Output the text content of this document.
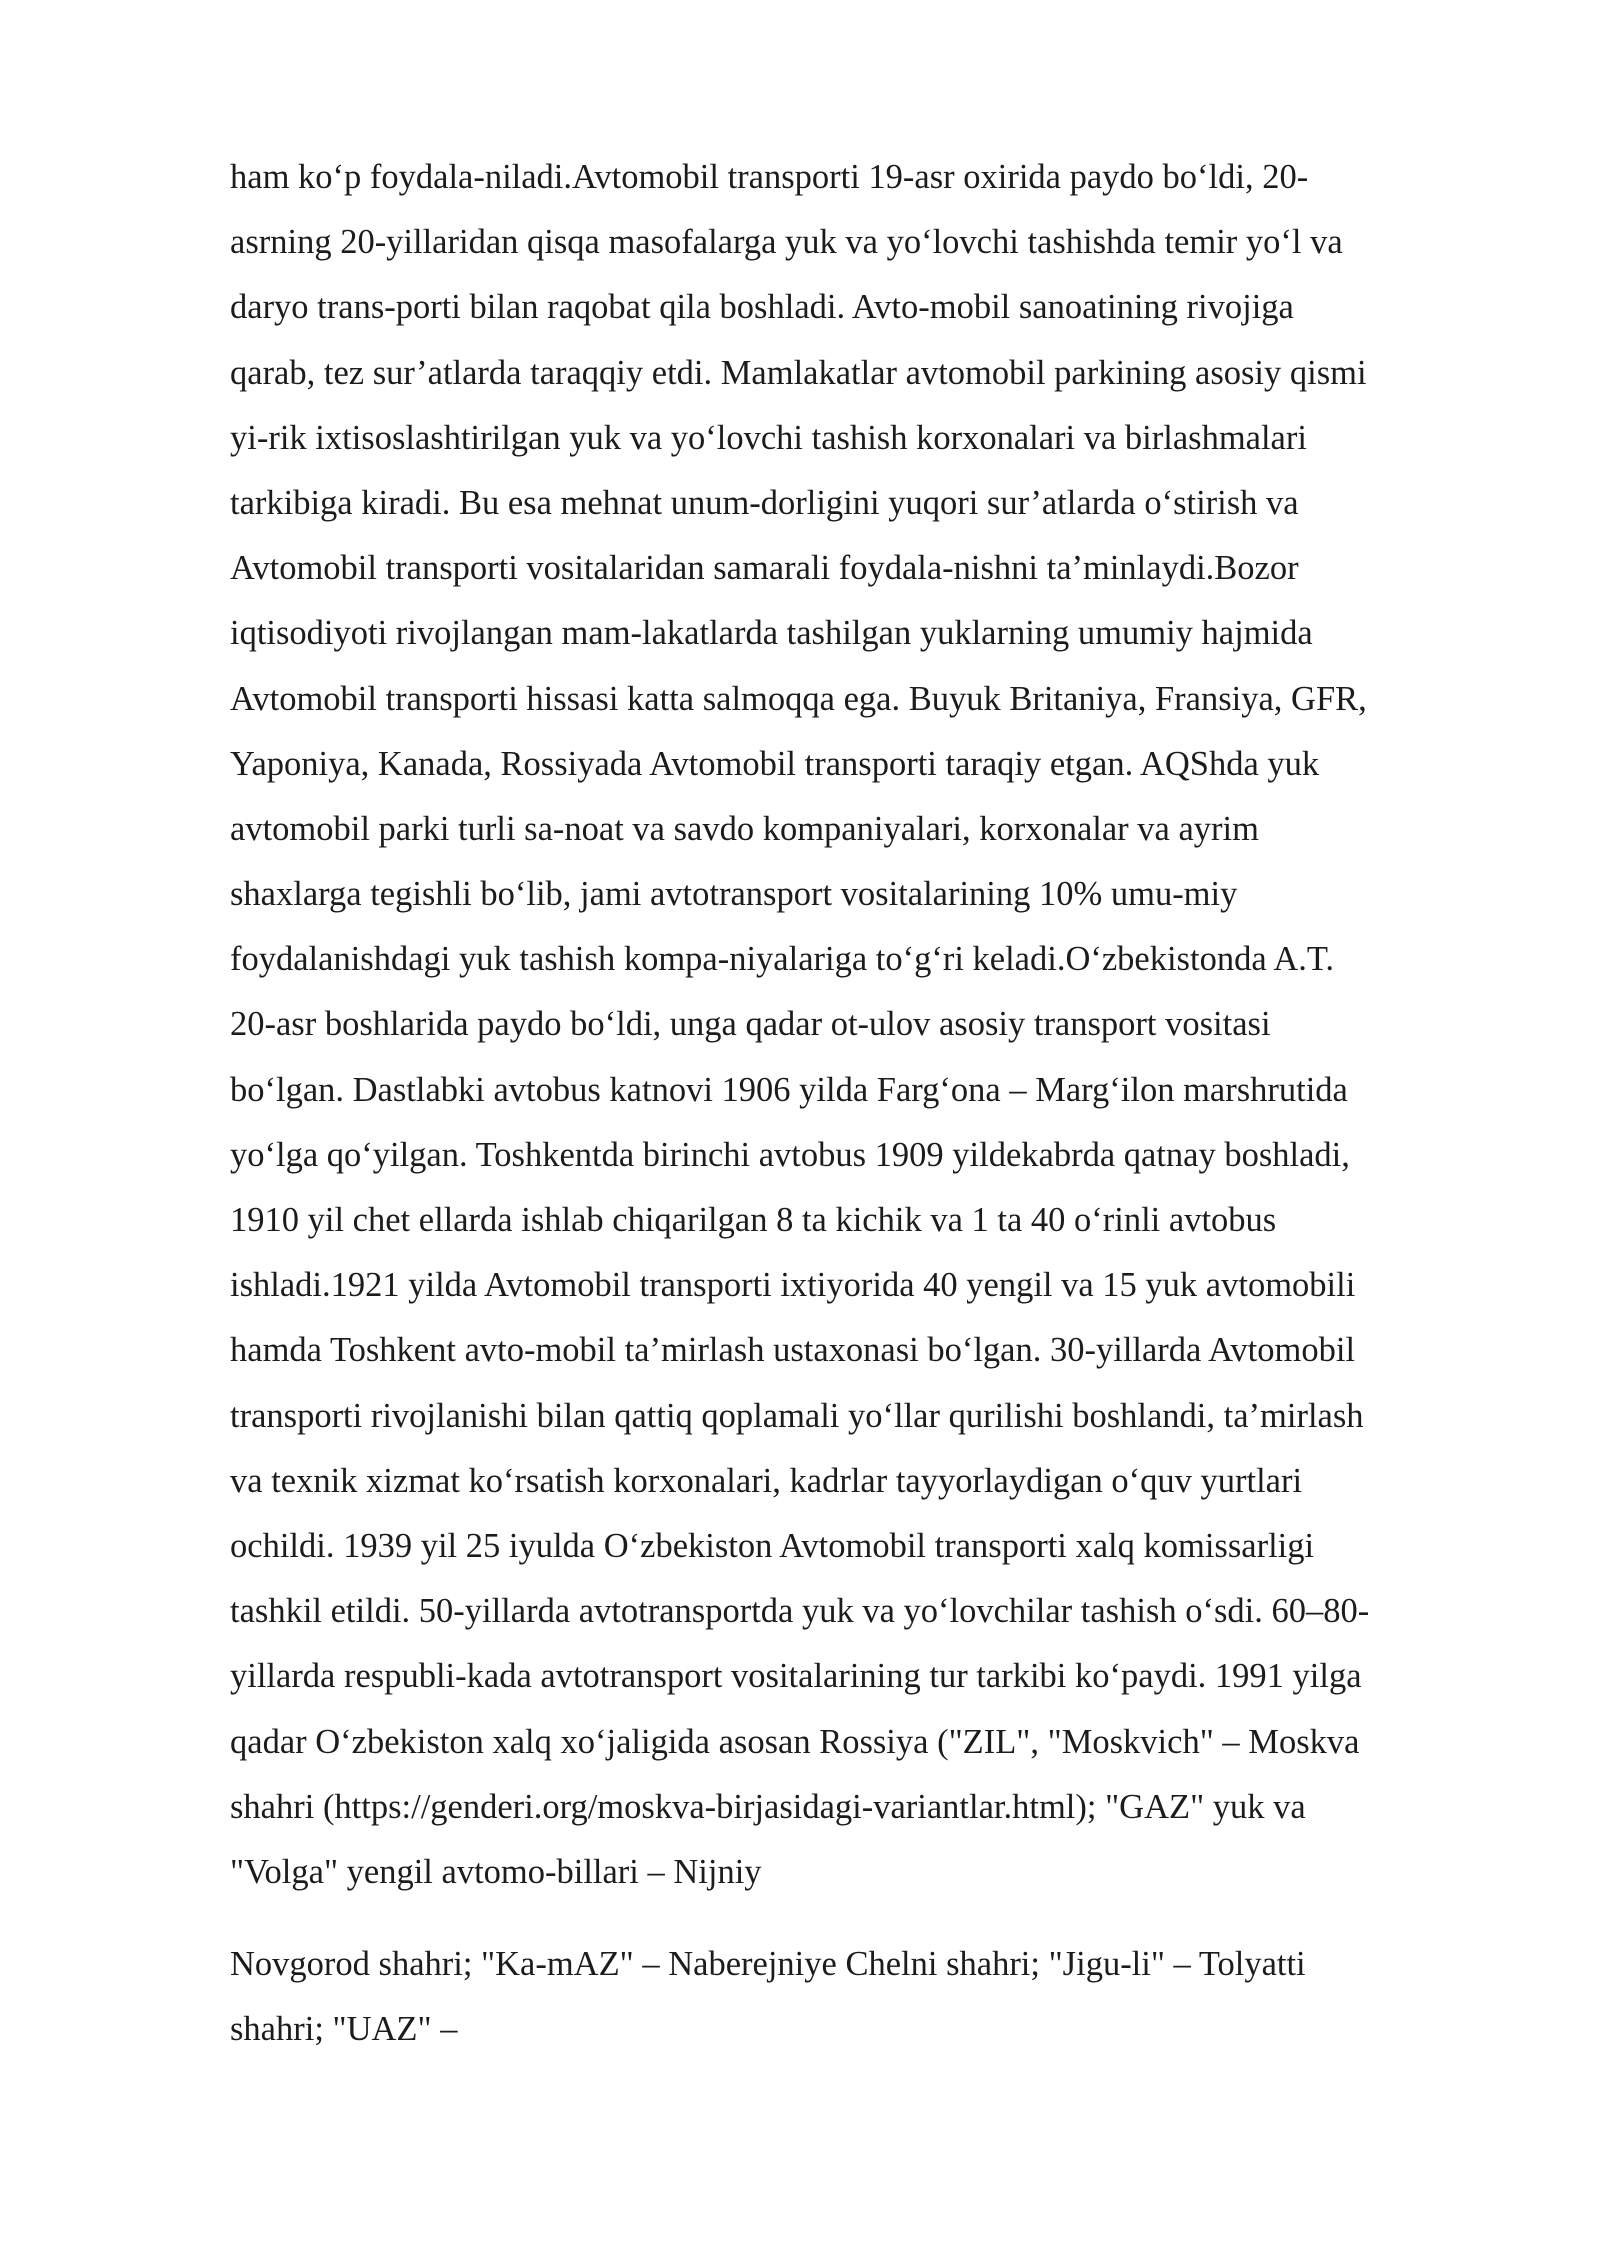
ham ko‘p foydala-niladi.Avtomobil transporti 19-asr oxirida paydo bo‘ldi, 20-
asrning 20-yillaridan qisqa masofalarga yuk va yo‘lovchi tashishda temir yo‘l va
daryo trans-porti bilan raqobat qila boshladi. Avto-mobil sanoatining rivojiga
qarab, tez sur’atlarda taraqqiy etdi. Mamlakatlar avtomobil parkining asosiy qismi
yi-rik ixtisoslashtirilgan yuk va yo‘lovchi tashish korxonalari va birlashmalari
tarkibiga kiradi. Bu esa mehnat unum-dorligini yuqori sur’atlarda o‘stirish va
Avtomobil transporti vositalaridan samarali foydala-nishni ta’minlaydi.Bozor
iqtisodiyoti rivojlangan mam-lakatlarda tashilgan yuklarning umumiy hajmida
Avtomobil transporti hissasi katta salmoqqa ega. Buyuk Britaniya, Fransiya, GFR,
Yaponiya, Kanada, Rossiyada Avtomobil transporti taraqiy etgan. AQShda yuk
avtomobil parki turli sa-noat va savdo kompaniyalari, korxonalar va ayrim
shaxlarga tegishli bo‘lib, jami avtotransport vositalarining 10% umu-miy
foydalanishdagi yuk tashish kompa-niyalariga to‘g‘ri keladi.O‘zbekistonda A.T.
20-asr boshlarida paydo bo‘ldi, unga qadar ot-ulov asosiy transport vositasi
bo‘lgan. Dastlabki avtobus katnovi 1906 yilda Farg‘ona – Marg‘ilon marshrutida
yo‘lga qo‘yilgan. Toshkentda birinchi avtobus 1909 yildekabrda qatnay boshladi,
1910 yil chet ellarda ishlab chiqarilgan 8 ta kichik va 1 ta 40 o‘rinli avtobus
ishladi.1921 yilda Avtomobil transporti ixtiyorida 40 yengil va 15 yuk avtomobili
hamda Toshkent avto-mobil ta’mirlash ustaxonasi bo‘lgan. 30-yillarda Avtomobil
transporti rivojlanishi bilan qattiq qoplamali yo‘llar qurilishi boshlandi, ta’mirlash
va texnik xizmat ko‘rsatish korxonalari, kadrlar tayyorlaydigan o‘quv yurtlari
ochildi. 1939 yil 25 iyulda O‘zbekiston Avtomobil transporti xalq komissarligi
tashkil etildi. 50-yillarda avtotransportda yuk va yo‘lovchilar tashish o‘sdi. 60–80-
yillarda respubli-kada avtotransport vositalarining tur tarkibi ko‘paydi. 1991 yilga
qadar O‘zbekiston xalq xo‘jaligida asosan Rossiya ("ZIL", "Moskvich" – Moskva
shahri (https://genderi.org/moskva-birjasidagi-variantlar.html); "GAZ" yuk va
"Volga" yengil avtomo-billari – Nijniy
Novgorod shahri; "Ka-mAZ" – Naberejniye Chelni shahri; "Jigu-li" – Tolyatti
shahri; "UAZ" –
